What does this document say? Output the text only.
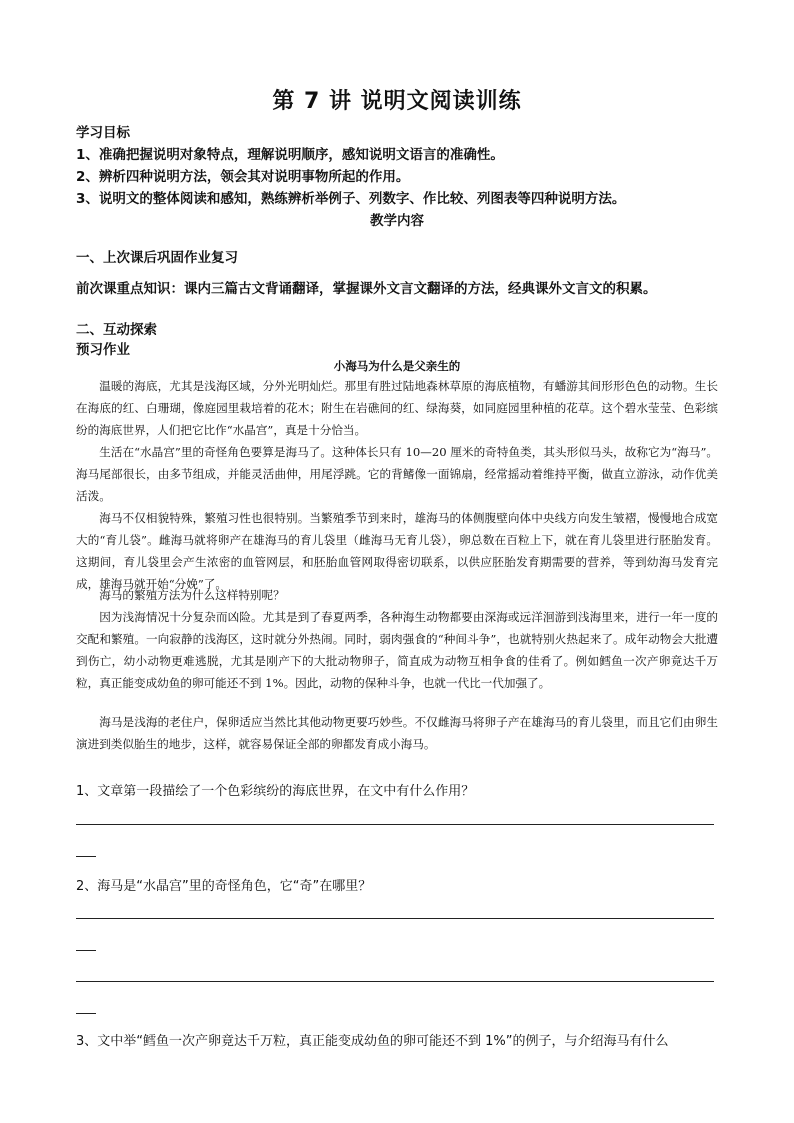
第 7 讲 说明文阅读训练
学习目标
1、准确把握说明对象特点，理解说明顺序，感知说明文语言的准确性。
2、辨析四种说明方法，领会其对说明事物所起的作用。
3、说明文的整体阅读和感知，熟练辨析举例子、列数字、作比较、列图表等四种说明方法。
教学内容
一、上次课后巩固作业复习
前次课重点知识：课内三篇古文背诵翻译，掌握课外文言文翻译的方法，经典课外文言文的积累。
二、互动探索
预习作业
小海马为什么是父亲生的
温暖的海底，尤其是浅海区域，分外光明灿烂。那里有胜过陆地森林草原的海底植物，有蟠游其间形形色色的动物。生长在海底的红、白珊瑚，像庭园里栽培着的花木；附生在岩礁间的红、绿海葵，如同庭园里种植的花草。这个碧水莹莹、色彩缤纷的海底世界，人们把它比作“水晶宫”，真是十分恰当。
生活在“水晶宫”里的奇怪角色要算是海马了。这种体长只有 10—20 厘米的奇特鱼类，其头形似马头，故称它为“海马”。海马尾部很长，由多节组成，并能灵活曲伸，用尾浮跳。它的背鳍像一面锦扇，经常摇动着维持平衡，做直立游泳，动作优美活泼。
海马不仅相貌特殊，繁殖习性也很特别。当繁殖季节到来时，雄海马的体侧腹壁向体中央线方向发生皱褶，慢慢地合成宽大的“育儿袋”。雌海马就将卵产在雄海马的育儿袋里（雌海马无育儿袋），卵总数在百粒上下，就在育儿袋里进行胚胎发育。这期间，育儿袋里会产生浓密的血管网层，和胚胎血管网取得密切联系，以供应胚胎发育期需要的营养，等到幼海马发育完成，雄海马就开始“分娩”了。
海马的繁殖方法为什么这样特别呢？
因为浅海情况十分复杂而凶险。尤其是到了春夏两季，各种海生动物都要由深海或远洋洄游到浅海里来，进行一年一度的交配和繁殖。一向寂静的浅海区，这时就分外热闹。同时，弱肉强食的“种间斗争”，也就特别火热起来了。成年动物会大批遭到伤亡，幼小动物更难逃脱，尤其是刚产下的大批动物卵子，简直成为动物互相争食的佳肴了。例如鳕鱼一次产卵竟达千万粒，真正能变成幼鱼的卵可能还不到 1%。因此，动物的保种斗争，也就一代比一代加强了。
海马是浅海的老住户，保卵适应当然比其他动物更要巧妙些。不仅雌海马将卵子产在雄海马的育儿袋里，而且它们由卵生演进到类似胎生的地步，这样，就容易保证全部的卵都发育成小海马。
1、文章第一段描绘了一个色彩缤纷的海底世界，在文中有什么作用？
2、海马是“水晶宫”里的奇怪角色，它“奇”在哪里？
3、文中举“鳕鱼一次产卵竟达千万粒，真正能变成幼鱼的卵可能还不到 1%”的例子，与介绍海马有什么
